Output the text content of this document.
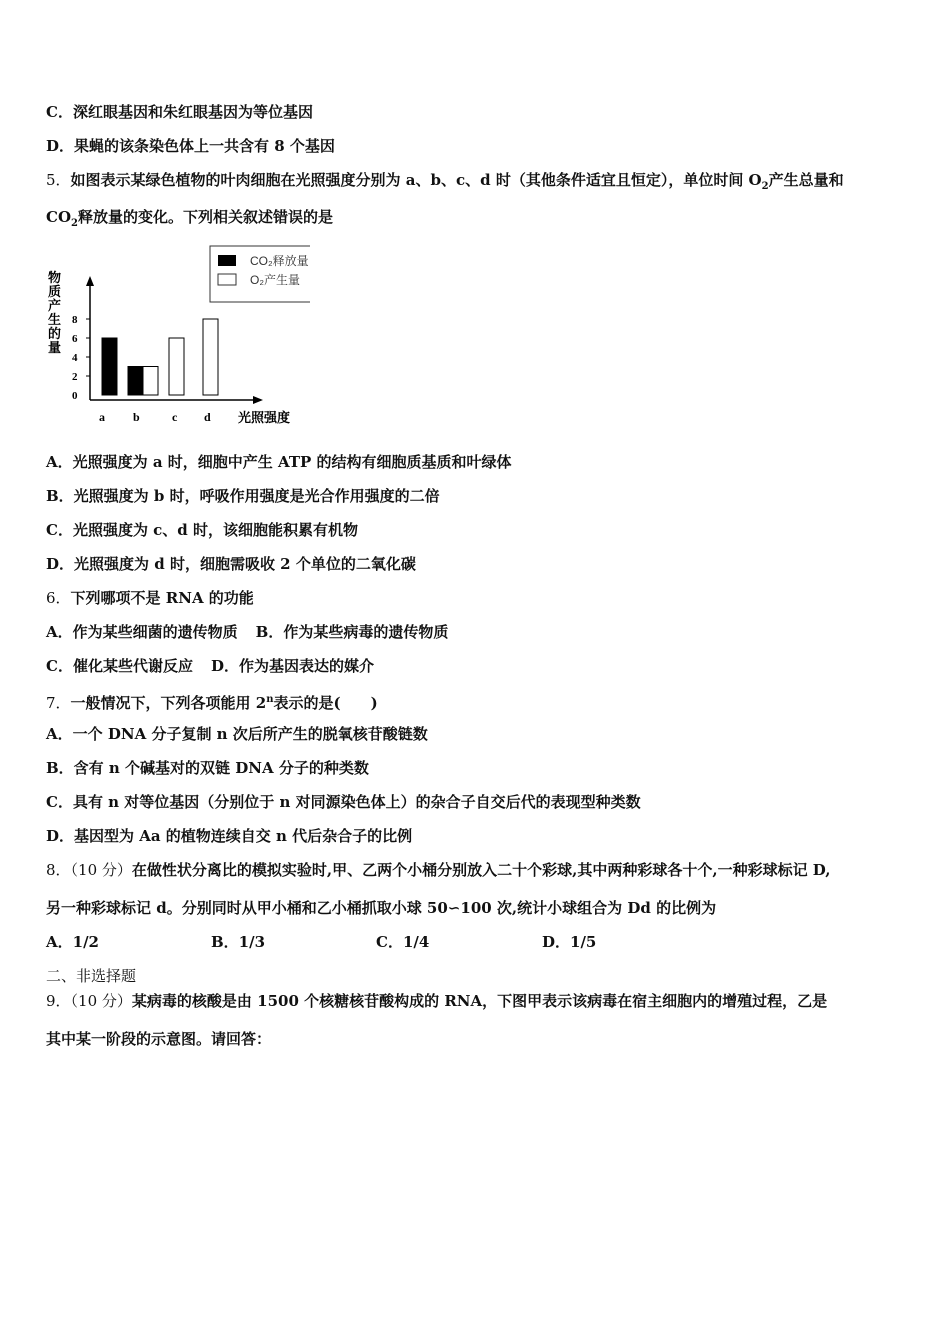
C．深红眼基因和朱红眼基因为等位基因
D．果蝇的该条染色体上一共含有 8 个基因
5．如图表示某绿色植物的叶肉细胞在光照强度分别为 a、b、c、d 时（其他条件适宜且恒定），单位时间 $O_2$产生总量和
$CO_2$释放量的变化。下列相关叙述错误的是
CO₂释放量
O₂产生量
物
质
产
生
的
量
0
2
4
6
8
a b	c d 光照强度
A．光照强度为 a 时，细胞中产生 ATP 的结构有细胞质基质和叶绿体
B．光照强度为 b 时，呼吸作用强度是光合作用强度的二倍
C．光照强度为 c、d 时，该细胞能积累有机物
D．光照强度为 d 时，细胞需吸收 2 个单位的二氧化碳
6．下列哪项不是 RNA 的功能
A．作为某些细菌的遗传物质 B．作为某些病毒的遗传物质
C．催化某些代谢反应 D．作为基因表达的媒介
7．一般情况下，下列各项能用 2$^n$表示的是(　　)
A．一个 DNA 分子复制 n 次后所产生的脱氧核苷酸链数
B．含有 n 个碱基对的双链 DNA 分子的种类数
C．具有 n 对等位基因（分别位于 n 对同源染色体上）的杂合子自交后代的表现型种类数
D．基因型为 Aa 的植物连续自交 n 代后杂合子的比例
8．（10 分）在做性状分离比的模拟实验时,甲、乙两个小桶分别放入二十个彩球,其中两种彩球各十个,一种彩球标记 D,
另一种彩球标记 d。分别同时从甲小桶和乙小桶抓取小球 50∽100 次,统计小球组合为 Dd 的比例为
A．1/2	B．1/3	C．1/4	D．1/5
二、非选择题
9．（10 分）某病毒的核酸是由 1500 个核糖核苷酸构成的 RNA，下图甲表示该病毒在宿主细胞内的增殖过程，乙是
其中某一阶段的示意图。请回答：
